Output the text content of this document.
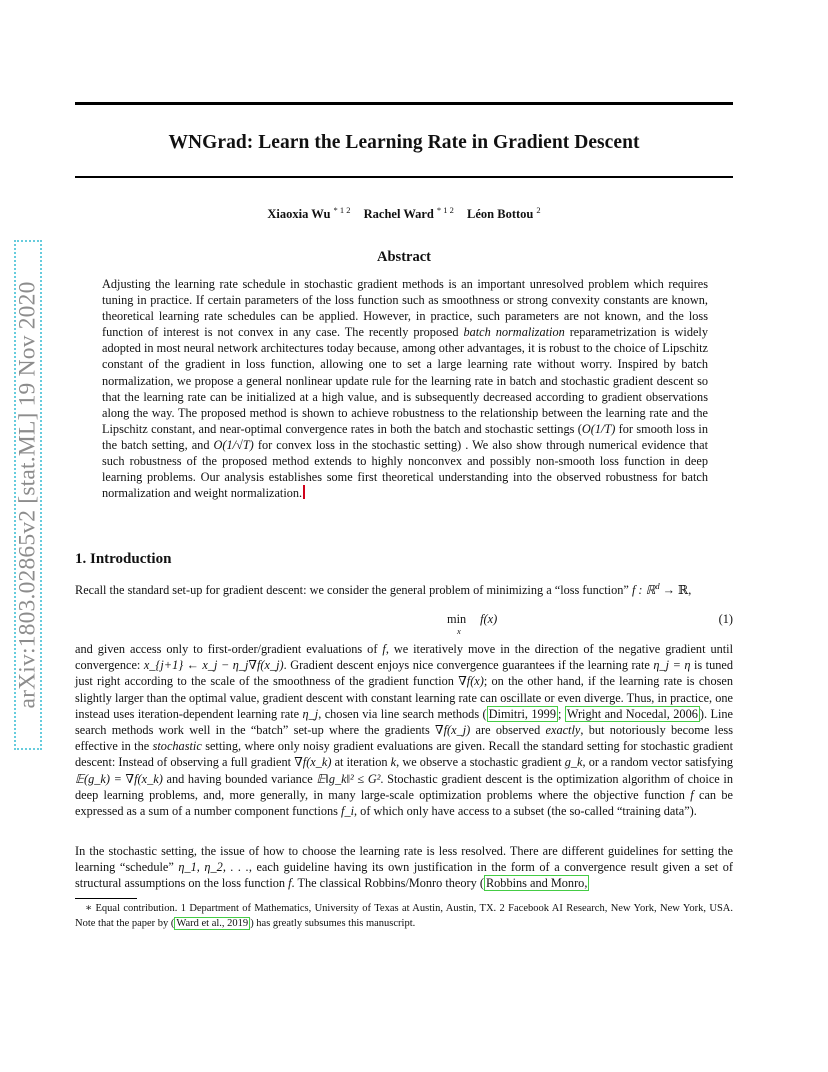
arXiv:1803.02865v2 [stat.ML] 19 Nov 2020
WNGrad: Learn the Learning Rate in Gradient Descent
Xiaoxia Wu $^{* 1 2}$ Rachel Ward $^{* 1 2}$ Léon Bottou $^2$
Abstract
Adjusting the learning rate schedule in stochastic gradient methods is an important unresolved problem which requires tuning in practice. If certain parameters of the loss function such as smoothness or strong convexity constants are known, theoretical learning rate schedules can be applied. However, in practice, such parameters are not known, and the loss function of interest is not convex in any case. The recently proposed batch normalization reparametrization is widely adopted in most neural network architectures today because, among other advantages, it is robust to the choice of Lipschitz constant of the gradient in loss function, allowing one to set a large learning rate without worry. Inspired by batch normalization, we propose a general nonlinear update rule for the learning rate in batch and stochastic gradient descent so that the learning rate can be initialized at a high value, and is subsequently decreased according to gradient observations along the way. The proposed method is shown to achieve robustness to the relationship between the learning rate and the Lipschitz constant, and near-optimal convergence rates in both the batch and stochastic settings (O(1/T) for smooth loss in the batch setting, and O(1/√T) for convex loss in the stochastic setting) . We also show through numerical evidence that such robustness of the proposed method extends to highly nonconvex and possibly non-smooth loss function in deep learning problems. Our analysis establishes some first theoretical understanding into the observed robustness for batch normalization and weight normalization.
1. Introduction
Recall the standard set-up for gradient descent: we consider the general problem of minimizing a “loss function” f : ℝ$^d$ → ℝ,
min f(x)
x
(1)
and given access only to first-order/gradient evaluations of f, we iteratively move in the direction of the negative gradient until convergence: x_{j+1} ← x_j − η_j∇f(x_j). Gradient descent enjoys nice convergence guarantees if the learning rate η_j = η is tuned just right according to the scale of the smoothness of the gradient function ∇f(x); on the other hand, if the learning rate is chosen slightly larger than the optimal value, gradient descent with constant learning rate can oscillate or even diverge. Thus, in practice, one instead uses iteration-dependent learning rate η_j, chosen via line search methods ( Dimitri, 1999 ; Wright and Nocedal, 2006 ). Line search methods work well in the “batch” set-up where the gradients ∇f(x_j) are observed exactly, but notoriously become less effective in the stochastic setting, where only noisy gradient evaluations are given. Recall the standard setting for stochastic gradient descent: Instead of observing a full gradient ∇f(x_k) at iteration k, we observe a stochastic gradient g_k, or a random vector satisfying 𝔼(g_k) = ∇f(x_k) and having bounded variance 𝔼‖g_k‖² ≤ G². Stochastic gradient descent is the optimization algorithm of choice in deep learning problems, and, more generally, in many large-scale optimization problems where the objective function f can be expressed as a sum of a number component functions f_i, of which only have access to a subset (the so-called “training data”).
In the stochastic setting, the issue of how to choose the learning rate is less resolved. There are different guidelines for setting the learning “schedule” η_1, η_2, . . ., each guideline having its own justification in the form of a convergence result given a set of structural assumptions on the loss function f. The classical Robbins/Monro theory ( Robbins and Monro,
∗ Equal contribution. 1 Department of Mathematics, University of Texas at Austin, Austin, TX. 2 Facebook AI Research, New York, New York, USA. Note that the paper by ( Ward et al., 2019 ) has greatly subsumes this manuscript.
